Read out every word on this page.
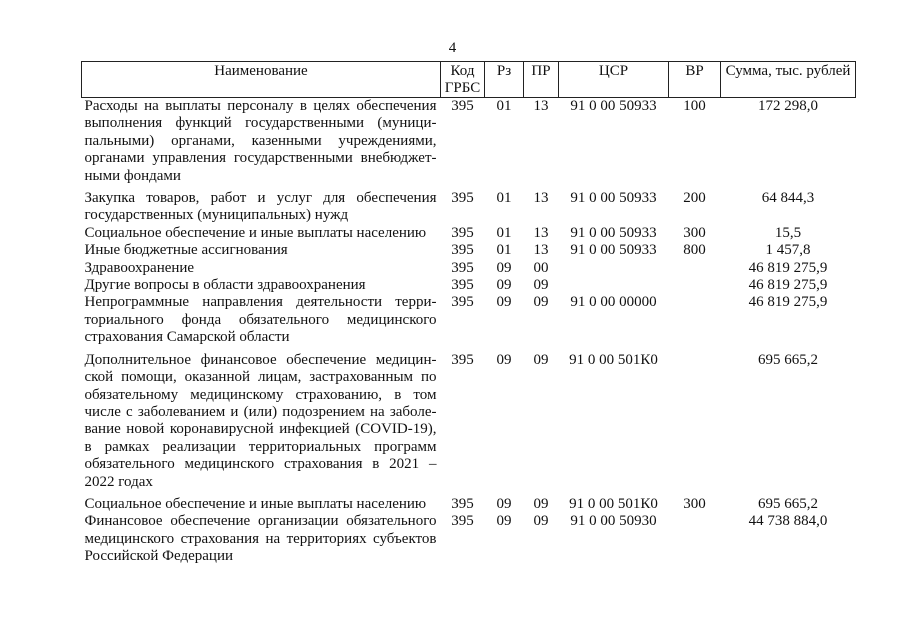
4
Наименование	Код ГРБС	Рз	ПР	ЦСР	ВР	Сумма, тыс. рублей
Расходы на выплаты персоналу в целях обеспечения выполнения функций государственными (муниципальными) органами, казенными учреждениями, органами управления государственными внебюджетными фондами	395	01	13	91 0 00 50933	100	172 298,0
Закупка товаров, работ и услуг для обеспечения государственных (муниципальных) нужд	395	01	13	91 0 00 50933	200	64 844,3
Социальное обеспечение и иные выплаты населению	395	01	13	91 0 00 50933	300	15,5
Иные бюджетные ассигнования	395	01	13	91 0 00 50933	800	1 457,8
Здравоохранение	395	09	00			46 819 275,9
Другие вопросы в области здравоохранения	395	09	09			46 819 275,9
Непрограммные направления деятельности территориального фонда обязательного медицинского страхования Самарской области	395	09	09	91 0 00 00000		46 819 275,9
Дополнительное финансовое обеспечение медицинской помощи, оказанной лицам, застрахованным по обязательному медицинскому страхованию, в том числе с заболеванием и (или) подозрением на заболевание новой коронавирусной инфекцией (COVID-19), в рамках реализации территориальных программ обязательного медицинского страхования в 2021 – 2022 годах	395	09	09	91 0 00 501К0		695 665,2
Социальное обеспечение и иные выплаты населению	395	09	09	91 0 00 501К0	300	695 665,2
Финансовое обеспечение организации обязательного медицинского страхования на территориях субъектов Российской Федерации	395	09	09	91 0 00 50930		44 738 884,0
